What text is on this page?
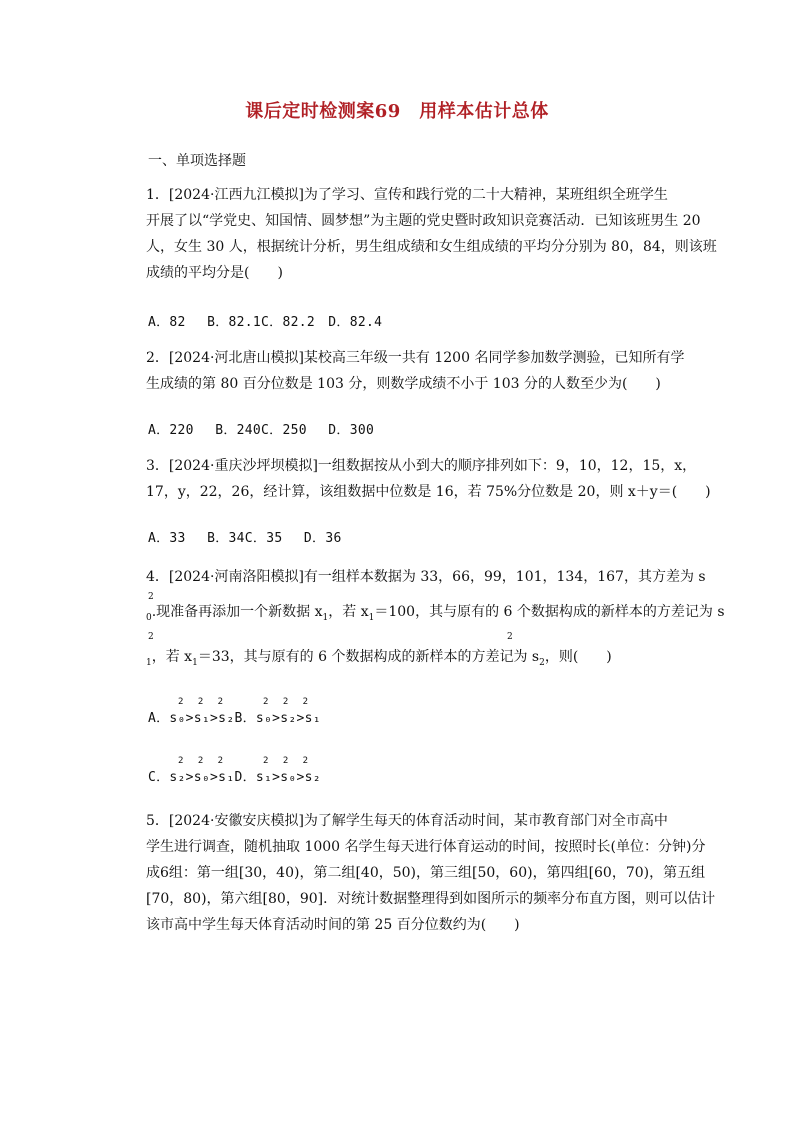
课后定时检测案69　用样本估计总体
一、单项选择题
1．[2024·江西九江模拟]为了学习、宣传和践行党的二十大精神，某班组织全班学生
开展了以“学党史、知国情、圆梦想”为主题的党史暨时政知识竞赛活动．已知该班男生 20
人，女生 30 人，根据统计分析，男生组成绩和女生组成绩的平均分分别为 80，84，则该班
成绩的平均分是(　　)
A．82　 B．82.1C．82.2　D．82.4
2．[2024·河北唐山模拟]某校高三年级一共有 1200 名同学参加数学测验，已知所有学
生成绩的第 80 百分位数是 103 分，则数学成绩不小于 103 分的人数至少为(　　)
A．220　 B．240C．250　 D．300
3．[2024·重庆沙坪坝模拟]一组数据按从小到大的顺序排列如下：9，10，12，15，x，
17，y，22，26，经计算，该组数据中位数是 16，若 75%分位数是 20，则 x＋y＝(　　)
A．33　 B．34C．35　 D．36
4．[2024·河南洛阳模拟]有一组样本数据为 33，66，99，101，134，167，其方差为 s
2
$_0$.现准备再添加一个新数据 $x_1$，若 $x_1=100$，其与原有的 6 个数据构成的新样本的方差记为 s
2	2
$_1$，若 $x_1=33$，其与原有的 6 个数据构成的新样本的方差记为 $s_2$，则(　　)
2　 2　 2	2　 2　 2
A．s₀>s₁>s₂B．s₀>s₂>s₁
2　 2　 2	2　 2　 2
C．s₂>s₀>s₁D．s₁>s₀>s₂
5．[2024·安徽安庆模拟]为了解学生每天的体育活动时间，某市教育部门对全市高中
学生进行调查，随机抽取 1000 名学生每天进行体育运动的时间，按照时长(单位：分钟)分
成6组：第一组[30，40)，第二组[40，50)，第三组[50，60)，第四组[60，70)，第五组
[70，80)，第六组[80，90]．对统计数据整理得到如图所示的频率分布直方图，则可以估计
该市高中学生每天体育活动时间的第 25 百分位数约为(　　)
